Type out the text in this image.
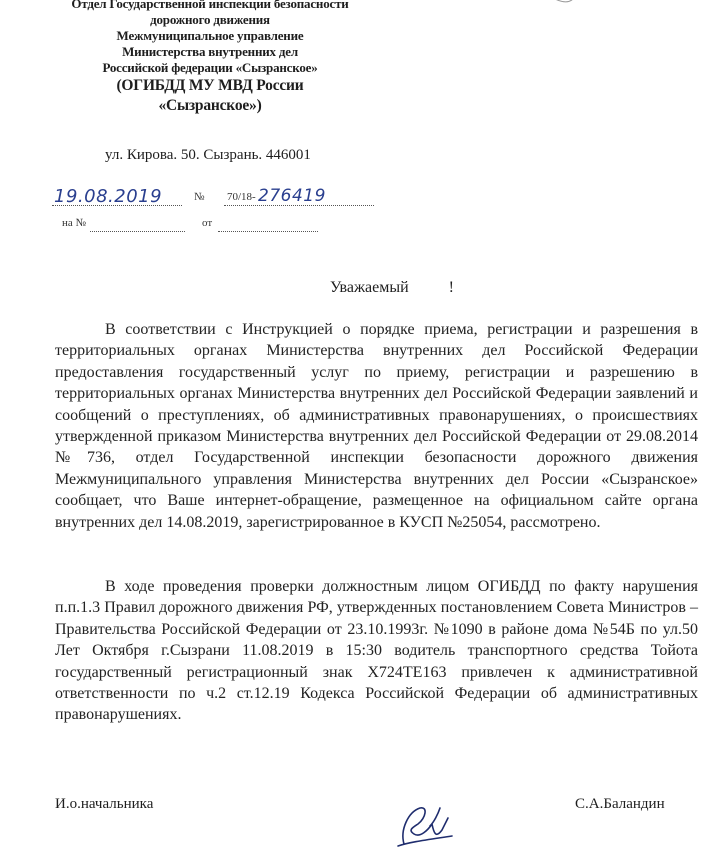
Отдел Государственной инспекции безопасности
дорожного движения
Межмуниципальное управление
Министерства внутренних дел
Российской федерации «Сызранское»
(ОГИБДД МУ МВД России
«Сызранское»)
ул. Кирова. 50. Сызрань. 446001
19.08.2019	№ 70/18- 276419
на №	от
Уважаемый          !

В соответствии с Инструкцией о порядке приема, регистрации и разрешения в территориальных органах Министерства внутренних дел Российской Федерации предоставления государственный услуг по приему, регистрации и разрешению в территориальных органах Министерства внутренних дел Российской Федерации заявлений и сообщений о преступлениях, об административных правонарушениях, о происшествиях утвержденной приказом Министерства внутренних дел Российской Федерации от 29.08.2014 №736, отдел Государственной инспекции безопасности дорожного движения Межмуниципального управления Министерства внутренних дел России «Сызранское» сообщает, что Ваше интернет-обращение, размещенное на официальном сайте органа внутренних дел 14.08.2019, зарегистрированное в КУСП №25054, рассмотрено.

В ходе проведения проверки должностным лицом ОГИБДД по факту нарушения п.п.1.3 Правил дорожного движения РФ, утвержденных постановлением Совета Министров – Правительства Российской Федерации от 23.10.1993г. №1090 в районе дома №54Б по ул.50 Лет Октября г.Сызрани 11.08.2019 в 15:30 водитель транспортного средства Тойота государственный регистрационный знак Х724ТЕ163 привлечен к административной ответственности по ч.2 ст.12.19 Кодекса Российской Федерации об административных правонарушениях.

И.о.начальника	С.А.Баландин
